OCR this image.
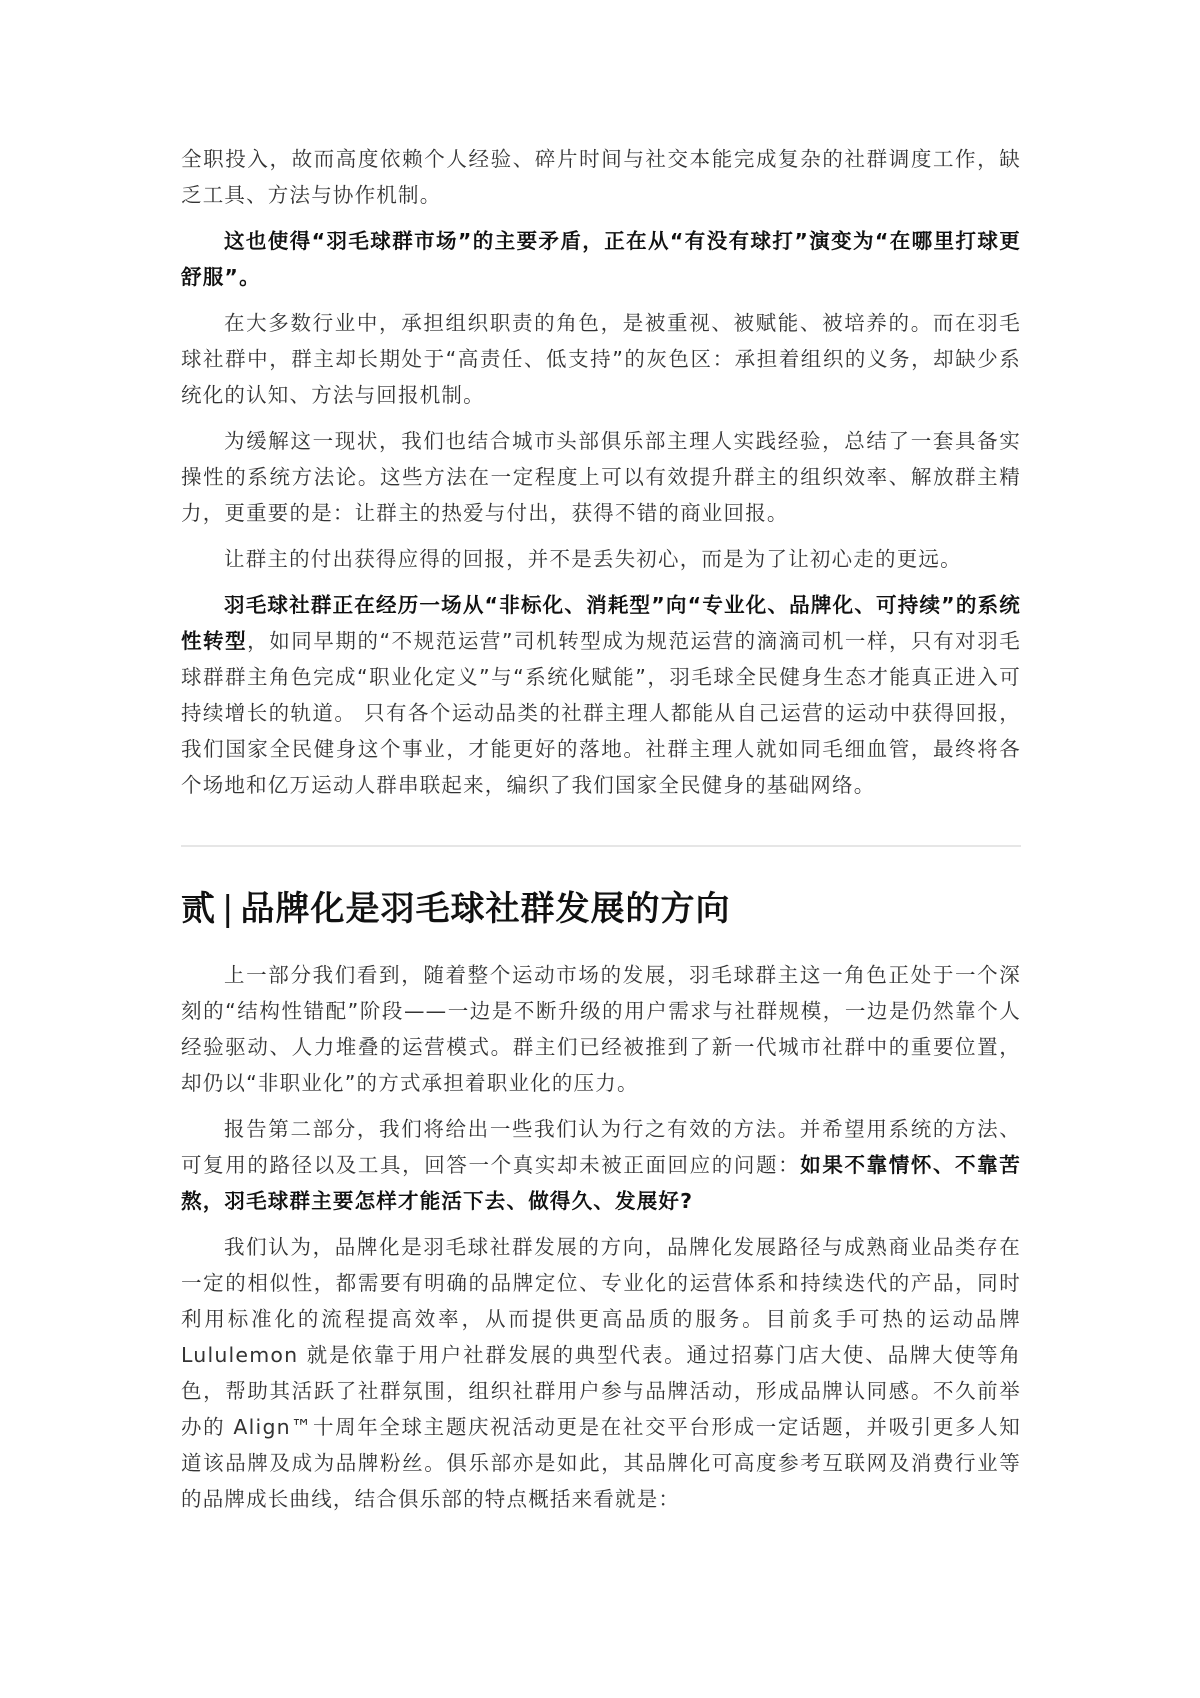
全职投入，故而高度依赖个人经验、碎片时间与社交本能完成复杂的社群调度工作，缺乏工具、方法与协作机制。

这也使得“羽毛球群市场”的主要矛盾，正在从“有没有球打”演变为“在哪里打球更舒服”。

在大多数行业中，承担组织职责的角色，是被重视、被赋能、被培养的。而在羽毛球社群中，群主却长期处于“高责任、低支持”的灰色区：承担着组织的义务，却缺少系统化的认知、方法与回报机制。

为缓解这一现状，我们也结合城市头部俱乐部主理人实践经验，总结了一套具备实操性的系统方法论。这些方法在一定程度上可以有效提升群主的组织效率、解放群主精力，更重要的是：让群主的热爱与付出，获得不错的商业回报。

让群主的付出获得应得的回报，并不是丢失初心，而是为了让初心走的更远。

羽毛球社群正在经历一场从“非标化、消耗型”向“专业化、品牌化、可持续”的系统性转型，如同早期的“不规范运营”司机转型成为规范运营的滴滴司机一样，只有对羽毛球群群主角色完成“职业化定义”与“系统化赋能”，羽毛球全民健身生态才能真正进入可持续增长的轨道。 只有各个运动品类的社群主理人都能从自己运营的运动中获得回报，我们国家全民健身这个事业，才能更好的落地。社群主理人就如同毛细血管，最终将各个场地和亿万运动人群串联起来，编织了我们国家全民健身的基础网络。

贰 | 品牌化是羽毛球社群发展的方向

上一部分我们看到，随着整个运动市场的发展，羽毛球群主这一角色正处于一个深刻的“结构性错配”阶段——一边是不断升级的用户需求与社群规模，一边是仍然靠个人经验驱动、人力堆叠的运营模式。群主们已经被推到了新一代城市社群中的重要位置，却仍以“非职业化”的方式承担着职业化的压力。

报告第二部分，我们将给出一些我们认为行之有效的方法。并希望用系统的方法、可复用的路径以及工具，回答一个真实却未被正面回应的问题：如果不靠情怀、不靠苦熬，羽毛球群主要怎样才能活下去、做得久、发展好?

我们认为，品牌化是羽毛球社群发展的方向，品牌化发展路径与成熟商业品类存在一定的相似性，都需要有明确的品牌定位、专业化的运营体系和持续迭代的产品，同时利用标准化的流程提高效率，从而提供更高品质的服务。目前炙手可热的运动品牌 Lululemon 就是依靠于用户社群发展的典型代表。通过招募门店大使、品牌大使等角色，帮助其活跃了社群氛围，组织社群用户参与品牌活动，形成品牌认同感。不久前举办的 Align™十周年全球主题庆祝活动更是在社交平台形成一定话题，并吸引更多人知道该品牌及成为品牌粉丝。俱乐部亦是如此，其品牌化可高度参考互联网及消费行业等的品牌成长曲线，结合俱乐部的特点概括来看就是：
